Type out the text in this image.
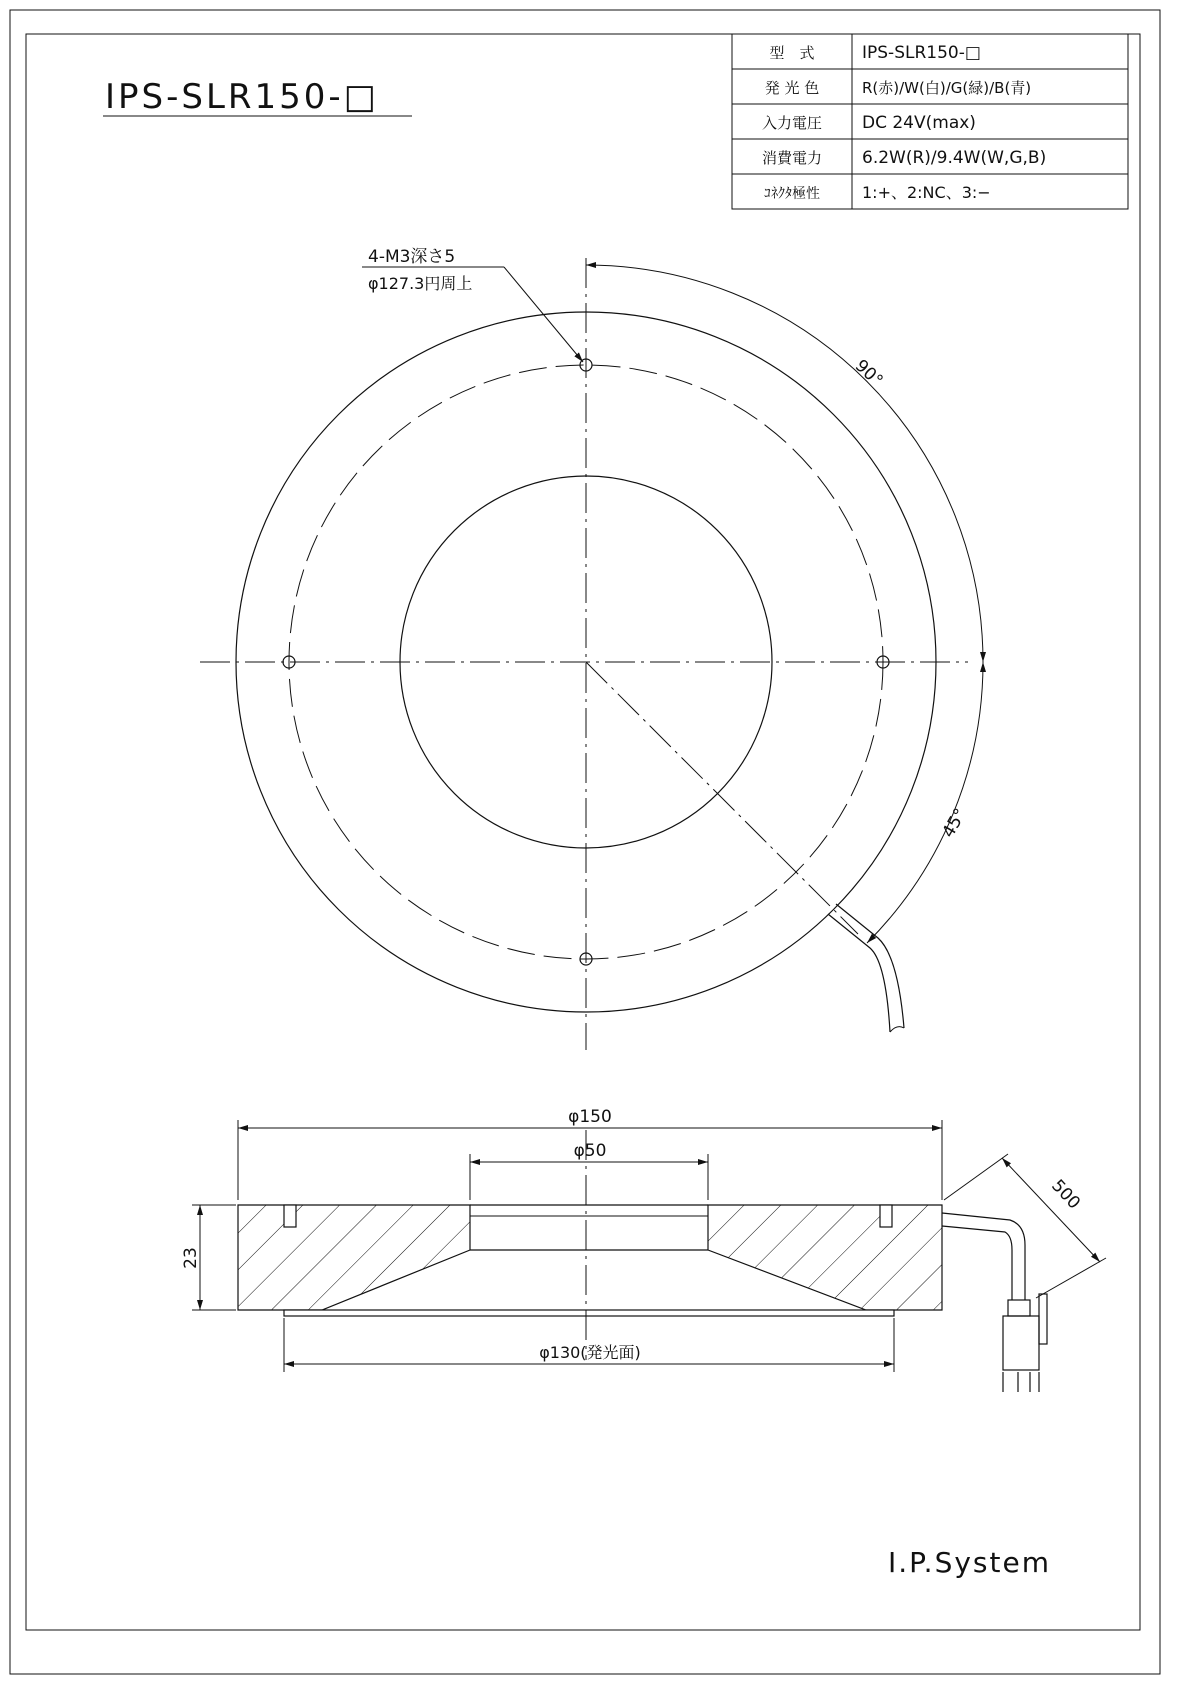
IPS-SLR150-□
型　式	IPS-SLR150-□
発 光 色	R(赤)/W(白)/G(緑)/B(青)
入力電圧 DC 24V(max)
消費電力 6.2W(R)/9.4W(W,G,B)
ｺﾈｸﾀ極性	1:+、2:NC、3:−
4-M3深さ5
φ127.3円周上
90°
45°
φ150
φ50
23
φ130(発光面)
500
I.P.System
